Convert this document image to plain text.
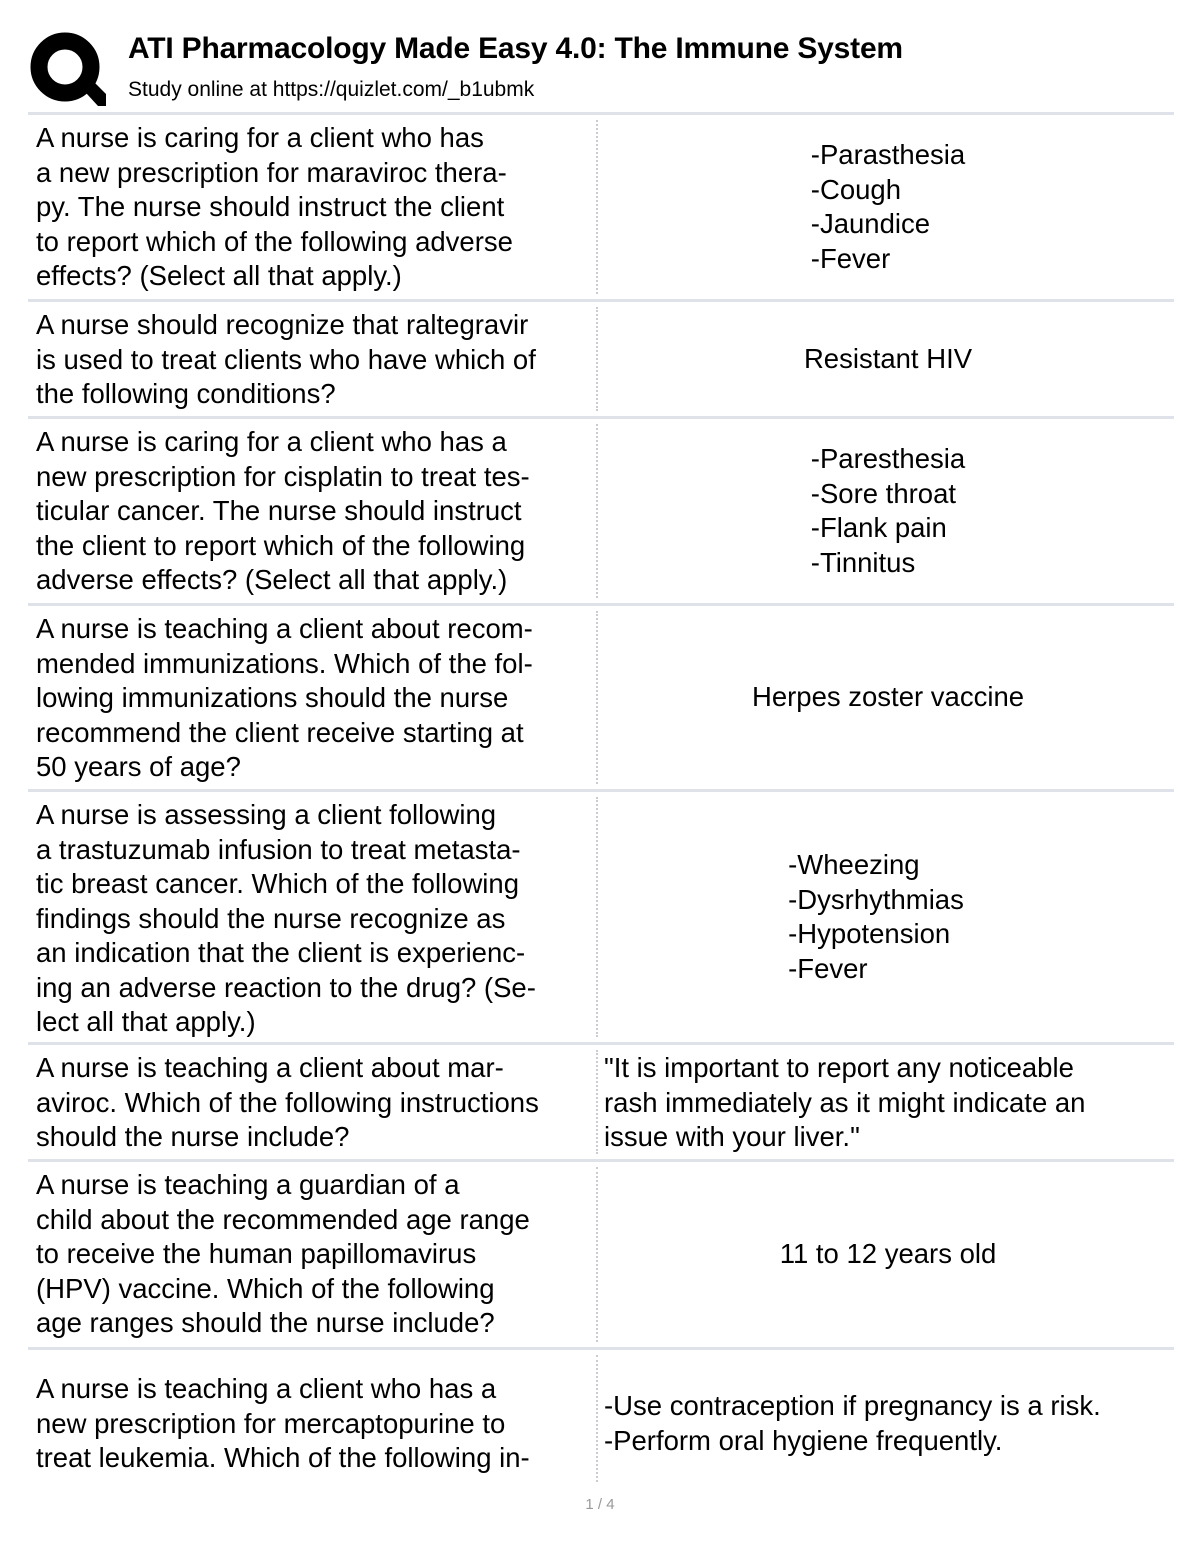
ATI Pharmacology Made Easy 4.0: The Immune System
Study online at https://quizlet.com/_b1ubmk
A nurse is caring for a client who has
a new prescription for maraviroc thera-
py. The nurse should instruct the client
to report which of the following adverse
effects? (Select all that apply.)
-Parasthesia
-Cough
-Jaundice
-Fever
A nurse should recognize that raltegravir
is used to treat clients who have which of
the following conditions?
Resistant HIV
A nurse is caring for a client who has a
new prescription for cisplatin to treat tes-
ticular cancer. The nurse should instruct
the client to report which of the following
adverse effects? (Select all that apply.)
-Paresthesia
-Sore throat
-Flank pain
-Tinnitus
A nurse is teaching a client about recom-
mended immunizations. Which of the fol-
lowing immunizations should the nurse
recommend the client receive starting at
50 years of age?
Herpes zoster vaccine
A nurse is assessing a client following
a trastuzumab infusion to treat metasta-
tic breast cancer. Which of the following
findings should the nurse recognize as
an indication that the client is experienc-
ing an adverse reaction to the drug? (Se-
lect all that apply.)
-Wheezing
-Dysrhythmias
-Hypotension
-Fever
A nurse is teaching a client about mar-
aviroc. Which of the following instructions
should the nurse include?
"It is important to report any noticeable
rash immediately as it might indicate an
issue with your liver."
A nurse is teaching a guardian of a
child about the recommended age range
to receive the human papillomavirus
(HPV) vaccine. Which of the following
age ranges should the nurse include?
11 to 12 years old
A nurse is teaching a client who has a
new prescription for mercaptopurine to
treat leukemia. Which of the following in-
-Use contraception if pregnancy is a risk.
-Perform oral hygiene frequently.
1 / 4
